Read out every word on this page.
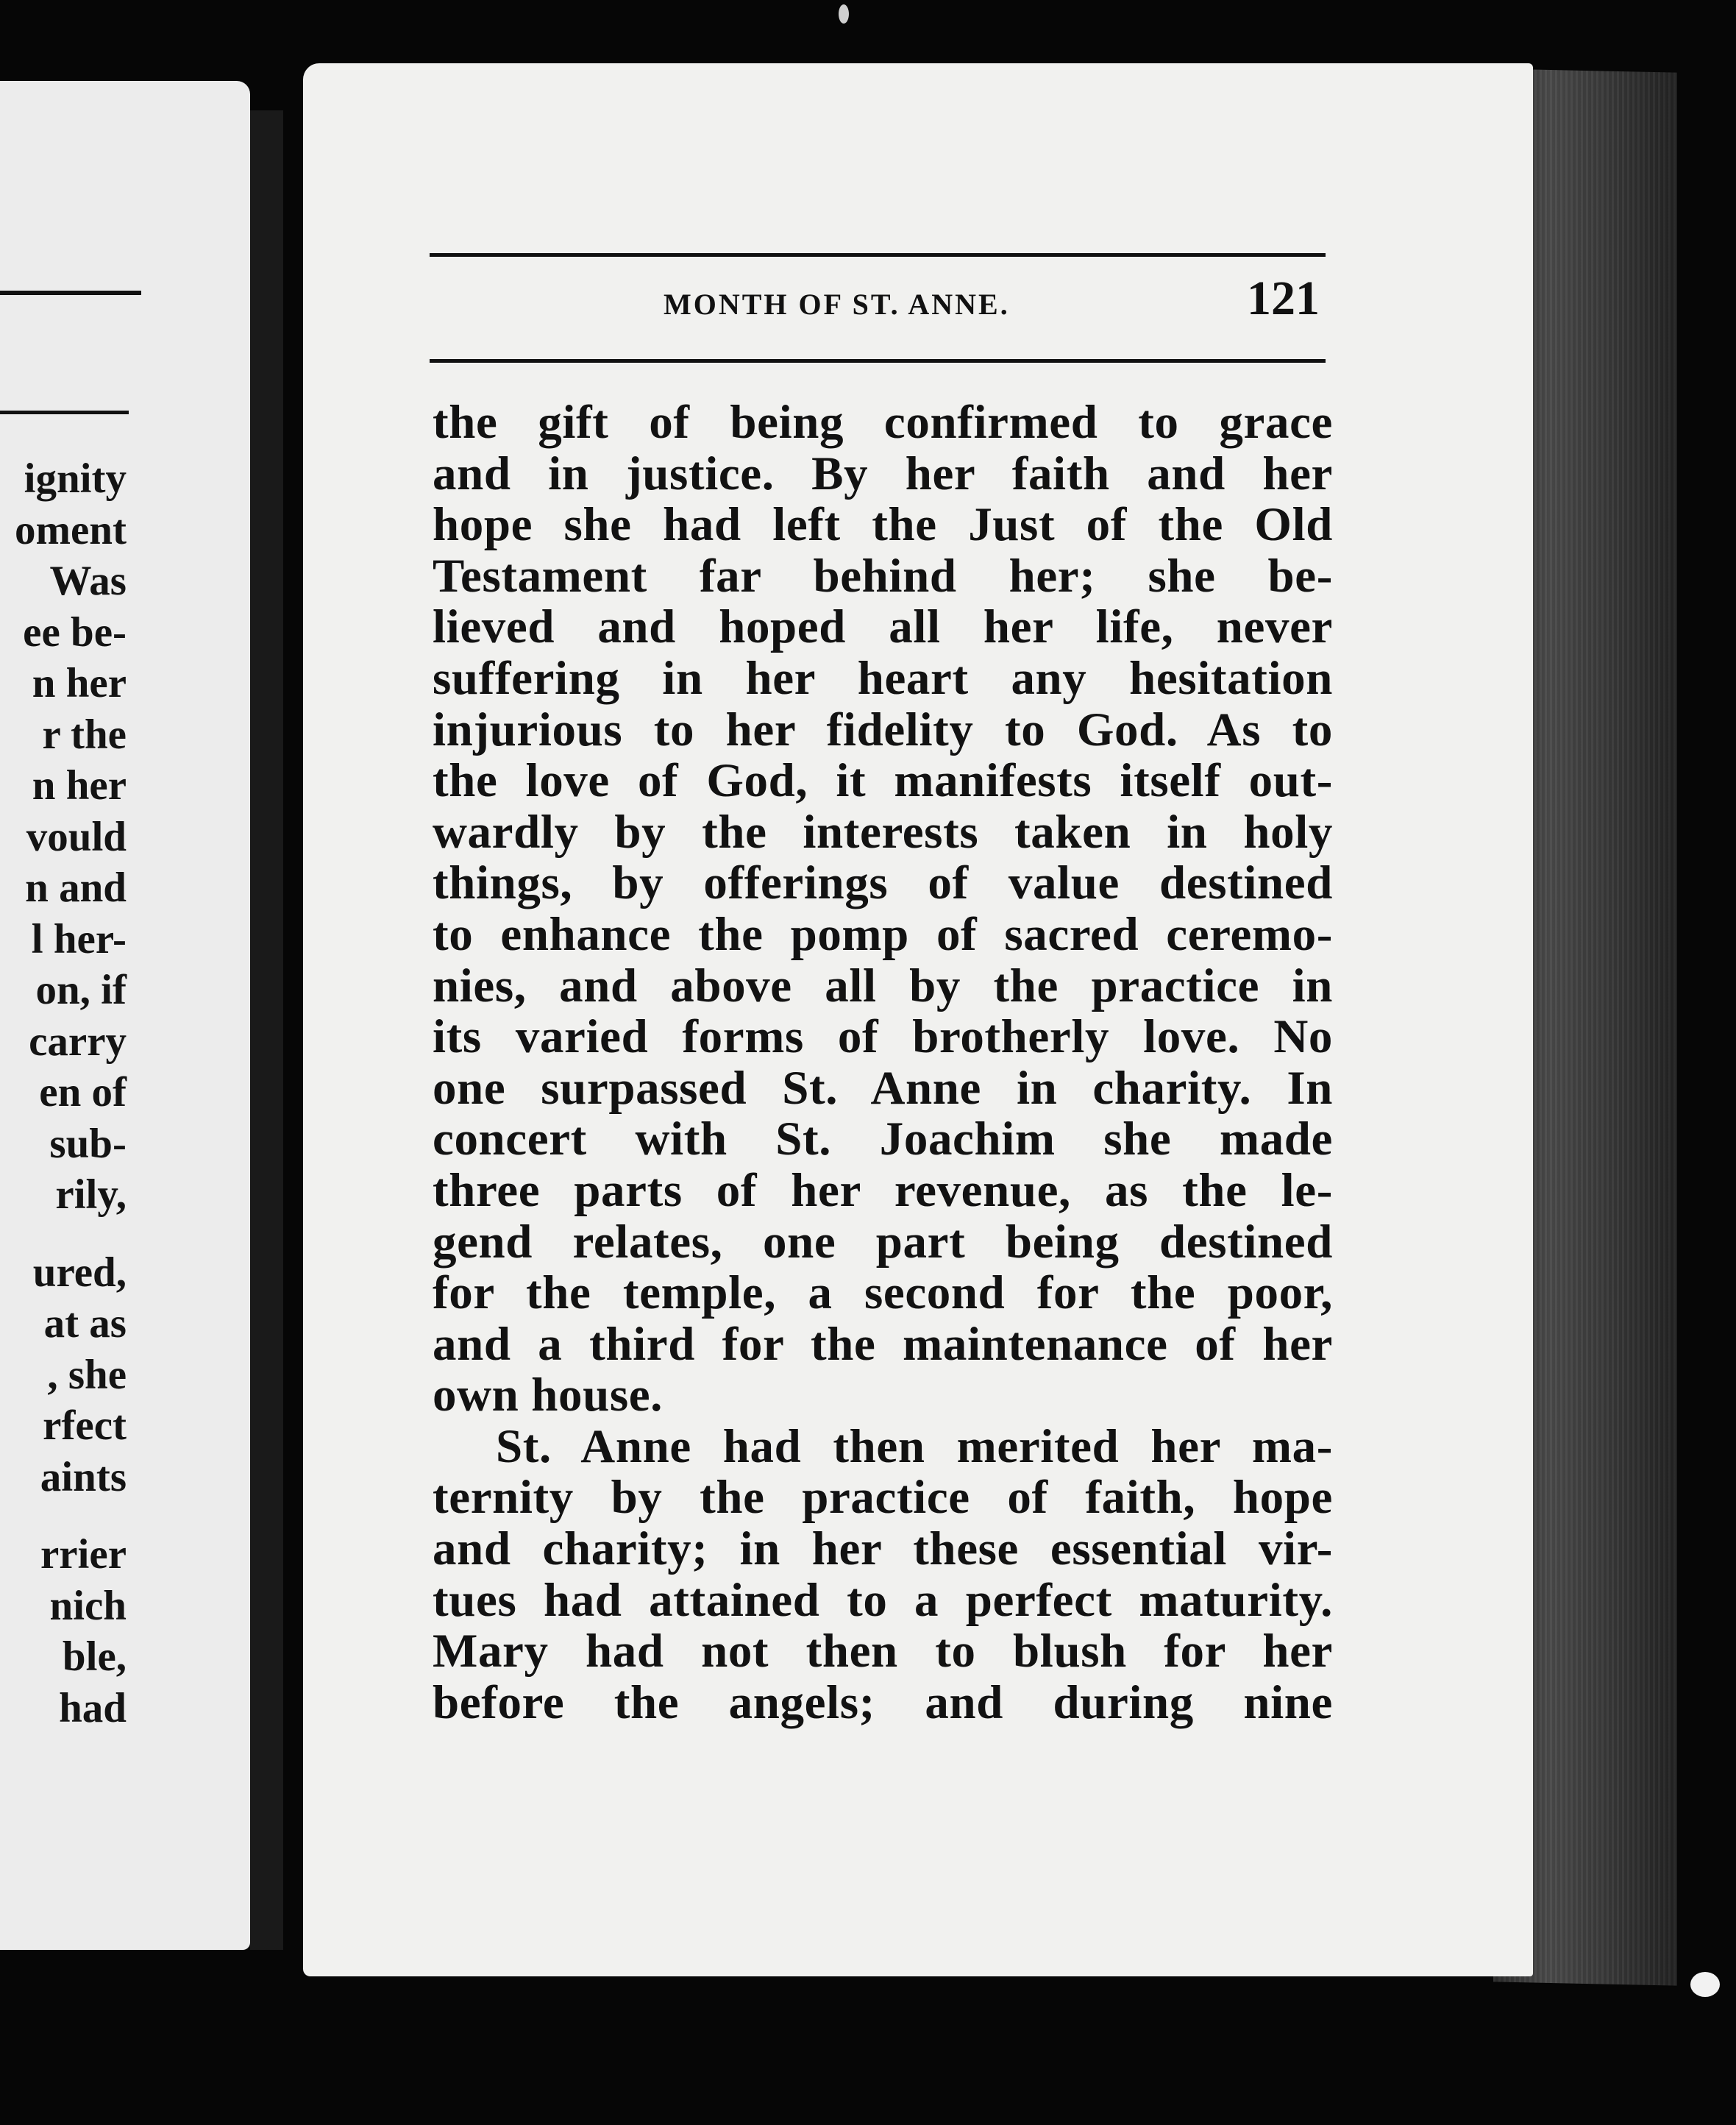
ignity
oment
Was
ee be-
n her
r the
n her
vould
n and
l her-
on, if
carry
en of
sub-
rily,
ured,
at as
, she
rfect
aints
rrier
nich
ble,
had
MONTH OF ST. ANNE.	121
the gift of being confirmed to grace
and in justice. By her faith and her
hope she had left the Just of the Old
Testament far behind her; she be-
lieved and hoped all her life, never
suffering in her heart any hesitation
injurious to her fidelity to God. As to
the love of God, it manifests itself out-
wardly by the interests taken in holy
things, by offerings of value destined
to enhance the pomp of sacred ceremo-
nies, and above all by the practice in
its varied forms of brotherly love. No
one surpassed St. Anne in charity. In
concert with St. Joachim she made
three parts of her revenue, as the le-
gend relates, one part being destined
for the temple, a second for the poor,
and a third for the maintenance of her
own house.
St. Anne had then merited her ma-
ternity by the practice of faith, hope
and charity; in her these essential vir-
tues had attained to a perfect maturity.
Mary had not then to blush for her
before the angels; and during nine
